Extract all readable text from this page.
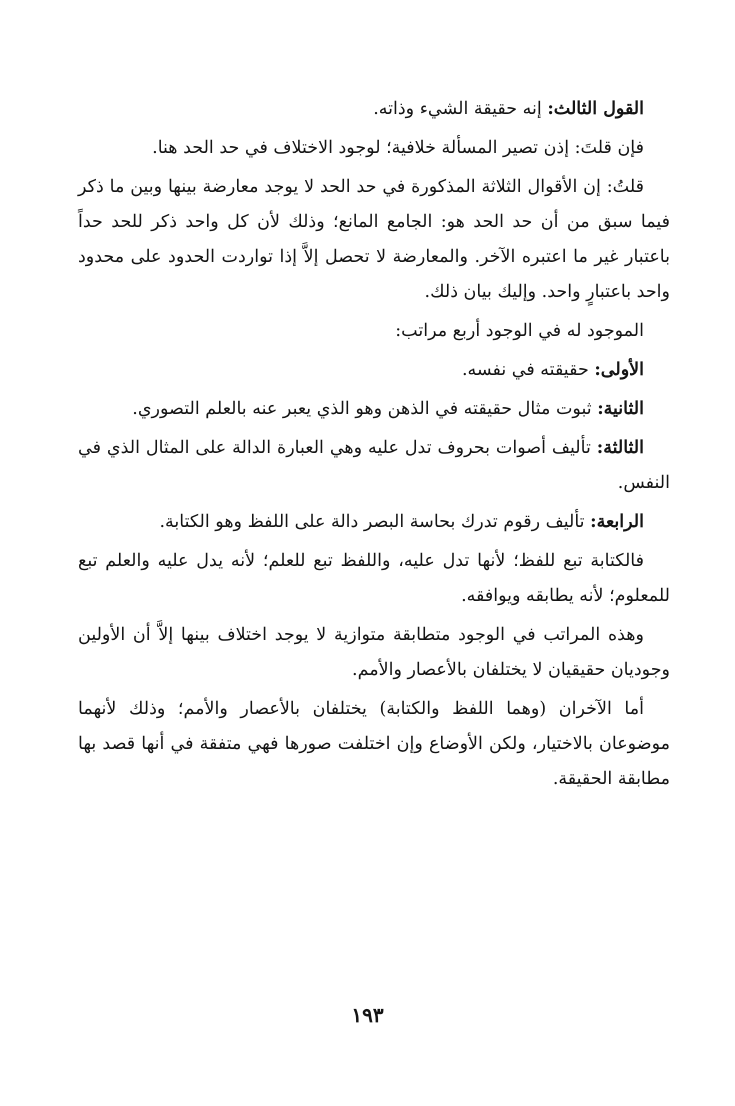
القول الثالث: إنه حقيقة الشيء وذاته.

فإن قلتَ: إذن تصير المسألة خلافية؛ لوجود الاختلاف في حد الحد هنا.

قلتُ: إن الأقوال الثلاثة المذكورة في حد الحد لا يوجد معارضة بينها وبين ما ذكر فيما سبق من أن حد الحد هو: الجامع المانع؛ وذلك لأن كل واحد ذكر للحد حداً باعتبار غير ما اعتبره الآخر. والمعارضة لا تحصل إلاَّ إذا تواردت الحدود على محدود واحد باعتبارٍ واحد. وإليك بيان ذلك.

الموجود له في الوجود أربع مراتب:

الأولى: حقيقته في نفسه.

الثانية: ثبوت مثال حقيقته في الذهن وهو الذي يعبر عنه بالعلم التصوري.

الثالثة: تأليف أصوات بحروف تدل عليه وهي العبارة الدالة على المثال الذي في النفس.

الرابعة: تأليف رقوم تدرك بحاسة البصر دالة على اللفظ وهو الكتابة.

فالكتابة تبع للفظ؛ لأنها تدل عليه، واللفظ تبع للعلم؛ لأنه يدل عليه والعلم تبع للمعلوم؛ لأنه يطابقه ويوافقه.

وهذه المراتب في الوجود متطابقة متوازية لا يوجد اختلاف بينها إلاَّ أن الأولين وجوديان حقيقيان لا يختلفان بالأعصار والأمم.

أما الآخران (وهما اللفظ والكتابة) يختلفان بالأعصار والأمم؛ وذلك لأنهما موضوعان بالاختيار، ولكن الأوضاع وإن اختلفت صورها فهي متفقة في أنها قصد بها مطابقة الحقيقة.

١٩٣
